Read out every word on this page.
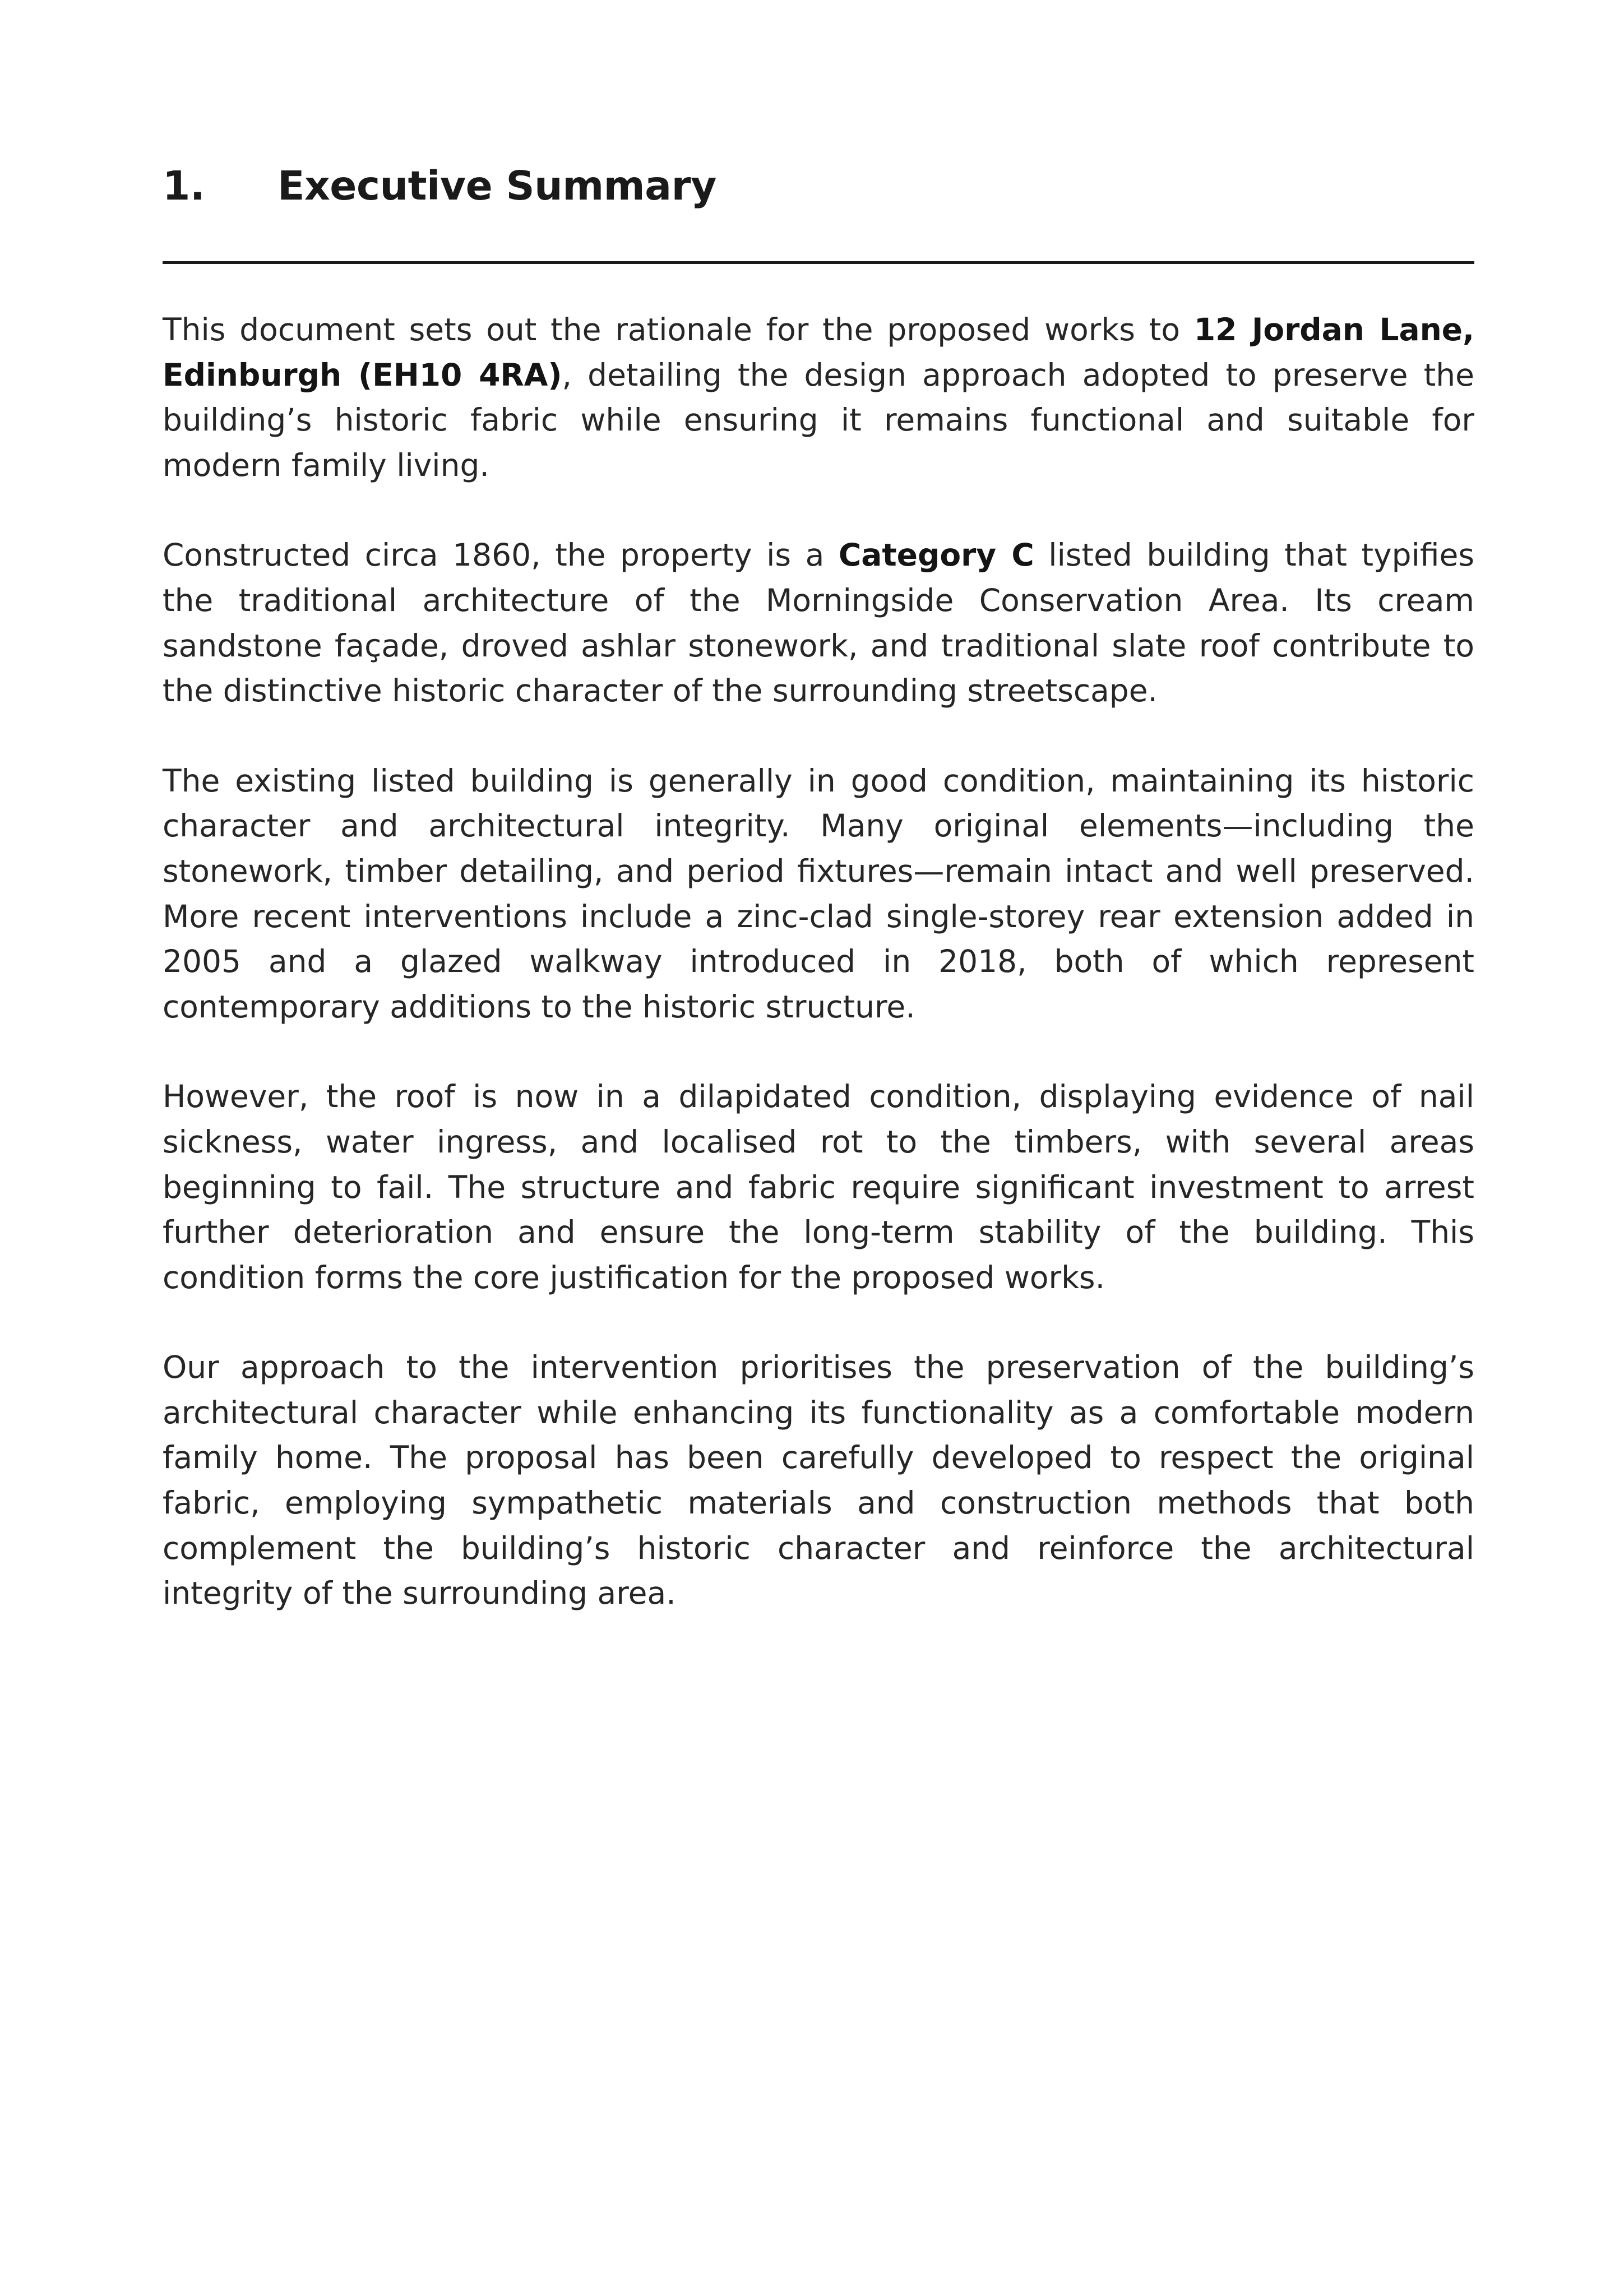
1.	Executive Summary

This document sets out the rationale for the proposed works to 12 Jordan Lane, Edinburgh (EH10 4RA), detailing the design approach adopted to preserve the building’s historic fabric while ensuring it remains functional and suitable for modern family living.

Constructed circa 1860, the property is a Category C listed building that typifies the traditional architecture of the Morningside Conservation Area. Its cream sandstone façade, droved ashlar stonework, and traditional slate roof contribute to the distinctive historic character of the surrounding streetscape.

The existing listed building is generally in good condition, maintaining its historic character and architectural integrity. Many original elements—including the stonework, timber detailing, and period fixtures—remain intact and well preserved. More recent interventions include a zinc-clad single-storey rear extension added in 2005 and a glazed walkway introduced in 2018, both of which represent contemporary additions to the historic structure.

However, the roof is now in a dilapidated condition, displaying evidence of nail sickness, water ingress, and localised rot to the timbers, with several areas beginning to fail. The structure and fabric require significant investment to arrest further deterioration and ensure the long-term stability of the building. This condition forms the core justification for the proposed works.

Our approach to the intervention prioritises the preservation of the building’s architectural character while enhancing its functionality as a comfortable modern family home. The proposal has been carefully developed to respect the original fabric, employing sympathetic materials and construction methods that both complement the building’s historic character and reinforce the architectural integrity of the surrounding area.
